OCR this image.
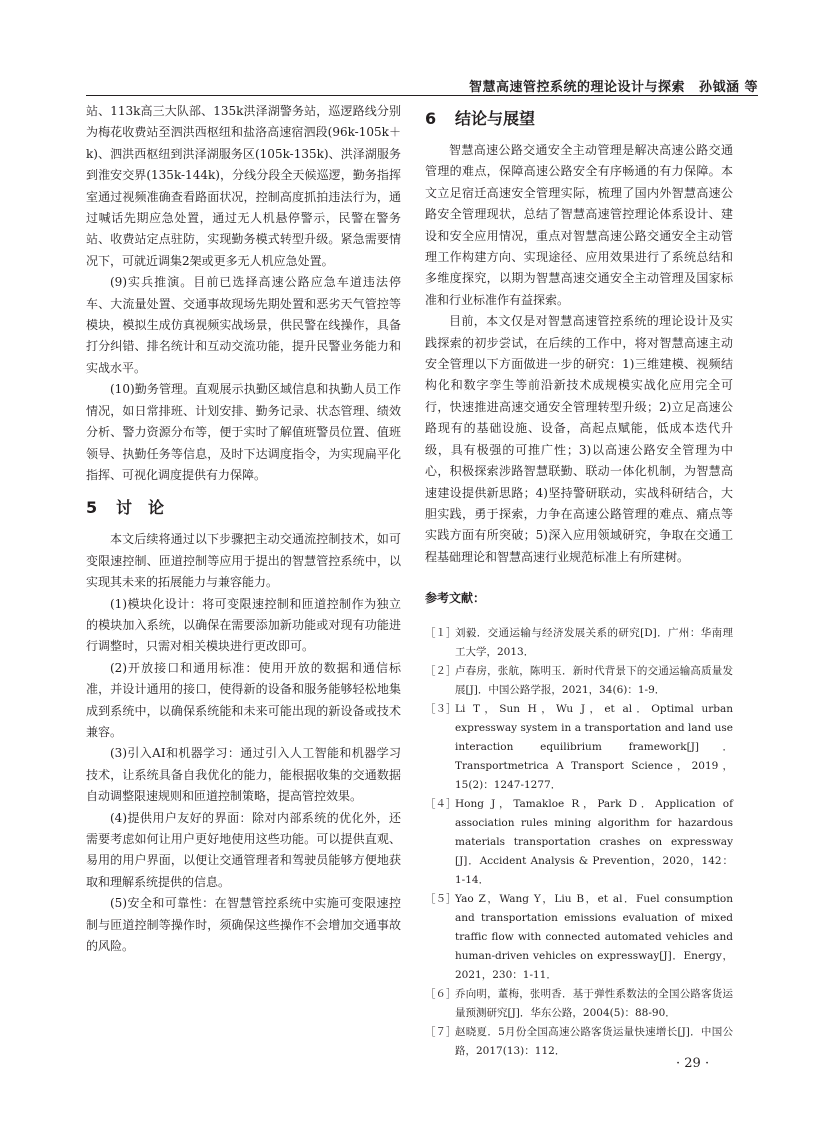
智慧高速管控系统的理论设计与探索 孙钺涵 等

站、113k高三大队部、135k洪泽湖警务站，巡逻路线分别为梅花收费站至泗洪西枢纽和盐洛高速宿泗段(96k-105k＋k)、泗洪西枢纽到洪泽湖服务区(105k-135k)、洪泽湖服务到淮安交界(135k-144k)，分线分段全天候巡逻，勤务指挥室通过视频准确查看路面状况，控制高度抓拍违法行为，通过喊话先期应急处置，通过无人机悬停警示，民警在警务站、收费站定点驻防，实现勤务模式转型升级。紧急需要情况下，可就近调集2架或更多无人机应急处置。

(9)实兵推演。目前已选择高速公路应急车道违法停车、大流量处置、交通事故现场先期处置和恶劣天气管控等模块，模拟生成仿真视频实战场景，供民警在线操作，具备打分纠错、排名统计和互动交流功能，提升民警业务能力和实战水平。

(10)勤务管理。直观展示执勤区域信息和执勤人员工作情况，如日常排班、计划安排、勤务记录、状态管理、绩效分析、警力资源分布等，便于实时了解值班警员位置、值班领导、执勤任务等信息，及时下达调度指令，为实现扁平化指挥、可视化调度提供有力保障。

5 讨　论

本文后续将通过以下步骤把主动交通流控制技术，如可变限速控制、匝道控制等应用于提出的智慧管控系统中，以实现其未来的拓展能力与兼容能力。

(1)模块化设计：将可变限速控制和匝道控制作为独立的模块加入系统，以确保在需要添加新功能或对现有功能进行调整时，只需对相关模块进行更改即可。

(2)开放接口和通用标准：使用开放的数据和通信标准，并设计通用的接口，使得新的设备和服务能够轻松地集成到系统中，以确保系统能和未来可能出现的新设备或技术兼容。

(3)引入AI和机器学习：通过引入人工智能和机器学习技术，让系统具备自我优化的能力，能根据收集的交通数据自动调整限速规则和匝道控制策略，提高管控效果。

(4)提供用户友好的界面：除对内部系统的优化外，还需要考虑如何让用户更好地使用这些功能。可以提供直观、易用的用户界面，以便让交通管理者和驾驶员能够方便地获取和理解系统提供的信息。

(5)安全和可靠性：在智慧管控系统中实施可变限速控制与匝道控制等操作时，须确保这些操作不会增加交通事故的风险。

6 结论与展望

智慧高速公路交通安全主动管理是解决高速公路交通管理的难点，保障高速公路安全有序畅通的有力保障。本文立足宿迁高速安全管理实际，梳理了国内外智慧高速公路安全管理现状，总结了智慧高速管控理论体系设计、建设和安全应用情况，重点对智慧高速公路交通安全主动管理工作构建方向、实现途径、应用效果进行了系统总结和多维度探究，以期为智慧高速交通安全主动管理及国家标准和行业标准作有益探索。

目前，本文仅是对智慧高速管控系统的理论设计及实践探索的初步尝试，在后续的工作中，将对智慧高速主动安全管理以下方面做进一步的研究：1)三维建模、视频结构化和数字孪生等前沿新技术成规模实战化应用完全可行，快速推进高速交通安全管理转型升级；2)立足高速公路现有的基础设施、设备，高起点赋能，低成本迭代升级，具有极强的可推广性；3)以高速公路安全管理为中心，积极探索涉路智慧联勤、联动一体化机制，为智慧高速建设提供新思路；4)坚持警研联动，实战科研结合，大胆实践，勇于探索，力争在高速公路管理的难点、痛点等实践方面有所突破；5)深入应用领域研究，争取在交通工程基础理论和智慧高速行业规范标准上有所建树。

参考文献：
［１］
刘毅．交通运输与经济发展关系的研究[D]．广州：华南理工大学，2013．
［２］
卢春房，张航，陈明玉．新时代背景下的交通运输高质量发展[J]．中国公路学报，2021，34(6)：1-9．
［３］
Li T，Sun H，Wu J，et al．Optimal urban expressway system in a transportation and land use interaction equilibrium framework[J]．Transportmetrica A Transport Science，2019，15(2)：1247-1277．
［４］
Hong J，Tamakloe R，Park D．Application of association rules mining algorithm for hazardous materials transportation crashes on expressway [J]．Accident Analysis & Prevention，2020，142：1-14．
［５］
Yao Z，Wang Y，Liu B，et al．Fuel consumption and transportation emissions evaluation of mixed traffic flow with connected automated vehicles and human-driven vehicles on expressway[J]．Energy，2021，230：1-11．
［６］
乔向明，董梅，张明香．基于弹性系数法的全国公路客货运量预测研究[J]．华东公路，2004(5)：88-90．
［７］
赵晓夏．5月份全国高速公路客货运量快速增长[J]．中国公路，2017(13)：112．
· 29 ·
